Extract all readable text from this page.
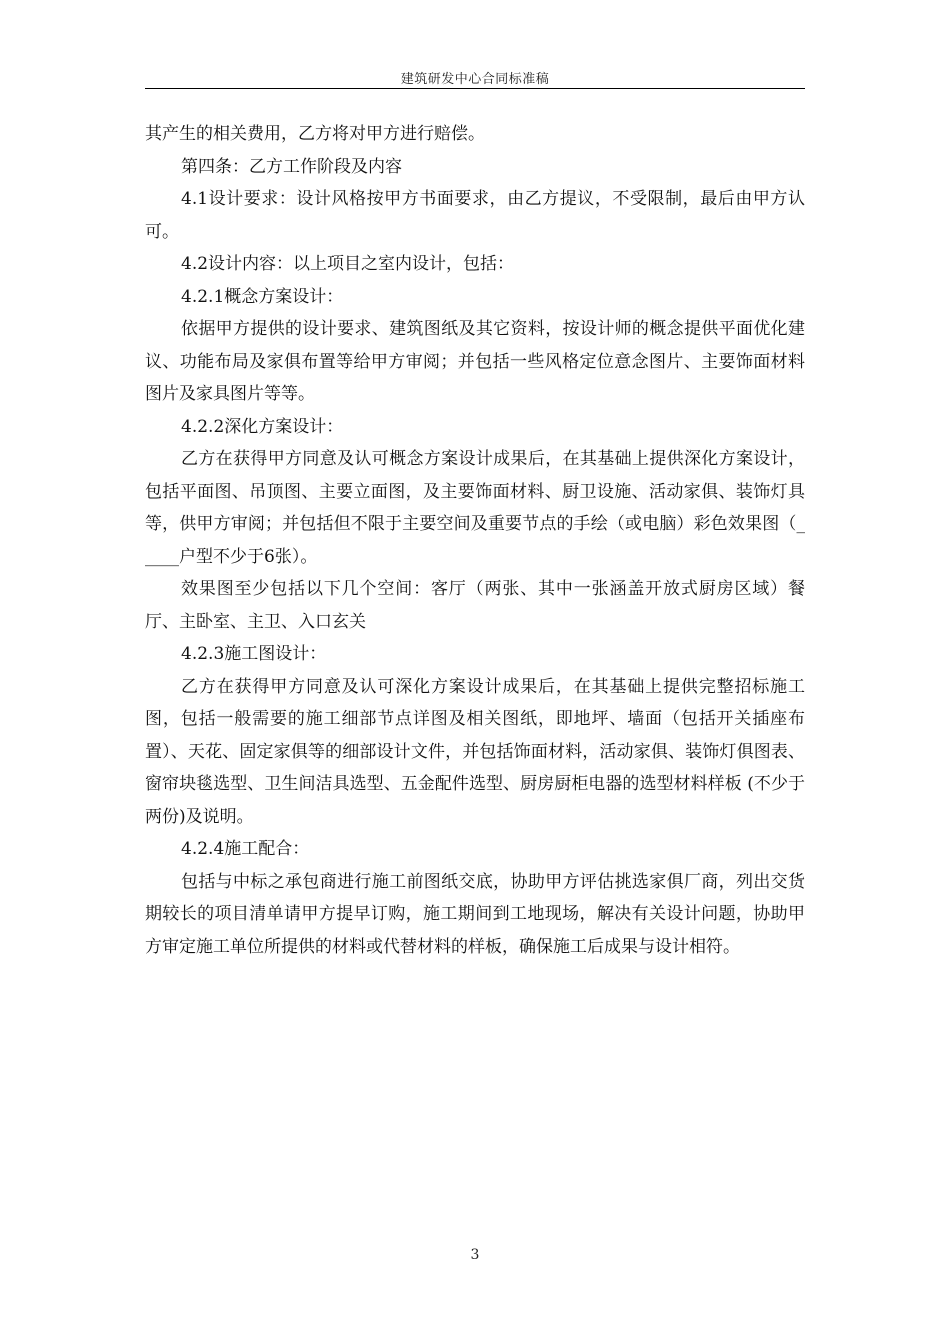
建筑研发中心合同标准稿

其产生的相关费用，乙方将对甲方进行赔偿。

第四条：乙方工作阶段及内容

4.1设计要求：设计风格按甲方书面要求，由乙方提议，不受限制，最后由甲方认可。

4.2设计内容：以上项目之室内设计，包括：

4.2.1概念方案设计：

依据甲方提供的设计要求、建筑图纸及其它资料，按设计师的概念提供平面优化建议、功能布局及家俱布置等给甲方审阅；并包括一些风格定位意念图片、主要饰面材料图片及家具图片等等。

4.2.2深化方案设计：

乙方在获得甲方同意及认可概念方案设计成果后，在其基础上提供深化方案设计，包括平面图、吊顶图、主要立面图，及主要饰面材料、厨卫设施、活动家俱、装饰灯具等，供甲方审阅；并包括但不限于主要空间及重要节点的手绘（或电脑）彩色效果图（_____户型不少于6张）。

效果图至少包括以下几个空间：客厅（两张、其中一张涵盖开放式厨房区域）餐厅、主卧室、主卫、入口玄关

4.2.3施工图设计：

乙方在获得甲方同意及认可深化方案设计成果后，在其基础上提供完整招标施工图，包括一般需要的施工细部节点详图及相关图纸，即地坪、墙面（包括开关插座布置）、天花、固定家俱等的细部设计文件，并包括饰面材料，活动家俱、装饰灯俱图表、窗帘块毯选型、卫生间洁具选型、五金配件选型、厨房厨柜电器的选型材料样板 (不少于两份)及说明。

4.2.4施工配合：

包括与中标之承包商进行施工前图纸交底，协助甲方评估挑选家俱厂商，列出交货期较长的项目清单请甲方提早订购，施工期间到工地现场，解决有关设计问题，协助甲方审定施工单位所提供的材料或代替材料的样板，确保施工后成果与设计相符。

3
